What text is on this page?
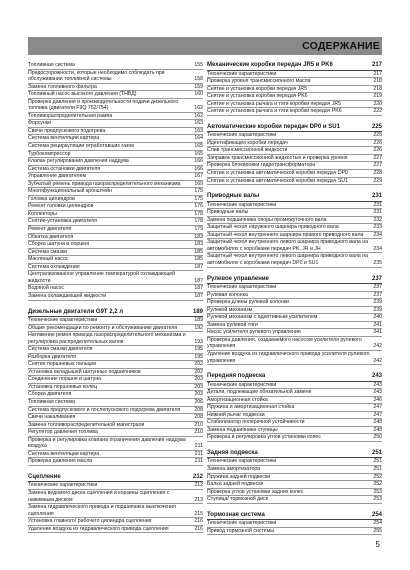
СОДЕРЖАНИЕ
Топливная система	155
Предосторожности, которые необходимо соблюдать при обслуживании топливной системы	158
Замена топливного фильтра	159
Топливный насос высокого давления (ТНВД)	160
Проверка давления и производительности подачи дизельного топлива (двигатели F9Q 752/754)	162
Топливораспределительная рампа	162
Форсунки	163
Свечи предпускового подогрева	163
Система вентиляции картера	164
Система рециркуляции отработавших газов	165
Турбокомпрессор	165
Клапан регулирования давления наддува	166
Система остановки двигателя	166
Управление двигателем	167
Зубчатый ремень привода газораспределительного механизма	169
Многофункциональный кронштейн	175
Головка цилиндров	175
Ремонт головки цилиндров	176
Коллекторы	178
Снятие-установка двигателя	178
Ремонт двигателя	179
Обкатка двигателя	183
Сборка шатуна и поршня	183
Система смазки	185
Масляный насос	185
Система охлаждения	187
Централизованное управление температурой охлаждающей жидкости	187
Водяной насос	187
Замена охлаждающей жидкости	187
Дизельные двигатели G9T 2,2 л	189
Технические характеристики	189
Общие рекомендации по ремонту и обслуживанию двигателя	192
Натяжение ремня привода газораспределительного механизма и регулировка распределительных валов	193
Система смазки двигателя	195
Разборка двигателя	195
Снятие поршневых пальцев	202
Установка вкладышей шатунных подшипников	202
Соединение поршня и шатуна	203
Установка поршневых колец	203
Сборка двигателя	203
Топливная система	206
Система предпускового и послепускового подогрева двигателя	208
Свечи накаливания	208
Замена топливораспределительной магистрали	210
Регулятор давления топлива	210
Проверка и регулировка клапана ограничения давления наддува воздуха	211
Система вентиляции картера	211
Проверка давления масла	211
Сцепление	212
Технические характеристики	212
Замена ведомого диска сцепления и корзины сцепления с нажимным диском	213
Замена гидравлического привода и подшипника выключения сцепления	215
Установка главного/ рабочего цилиндра сцепления	216
Удаление воздуха из гидравлического привода сцепления	216
Механические коробки передач JR5 и PK6	217
Технические характеристики	217
Проверка уровня трансмиссионного масла	218
Снятие и установка коробки передач JR5	218
Снятие и установка коробки передач PK6	219
Снятие и установка рычага и тяги коробки передач JR5	220
Снятие и установка рычага и тяги коробки передач PK6	222
Автоматические коробки передач DP0 и SU1	225
Технические характеристики	225
Идентификация коробки передач	226
Слив трансмиссионной жидкости	226
Заправка трансмиссионной жидкостью и проверка уровня	227
Проверка блокировки гидротрансформатора	227
Снятие и установка автоматической коробки передач DP0	228
Снятие и установка автоматической коробки передач SU1	229
Приводные валы	231
Технические характеристики	231
Приводные валы	231
Замена подшипника опоры промежуточного вала	232
Защитный чехол наружного шарнира приводного вала	233
Защитный чехол внутреннего шарнира правого приводного вала	234
Защитный чехол внутреннего левого шарнира приводного вала на автомобилях с коробками передач PK, JR и JH	234
Защитный чехол внутреннего левого шарнира приводного вала на автомобилях с коробками передач DP0 и SU1	235
Рулевое управление	237
Технические характеристики	237
Рулевая колонка	237
Проверка длины рулевой колонки	239
Рулевой механизм	239
Рулевой механизм с адаптивным усилителем	240
Замена рулевой тяги	241
Насос усилителя рулевого управления	241
Проверка давления, создаваемого насосом усилителя рулевого управления	242
Удаление воздуха из гидравлического привода усилителя рулевого управления	242
Передняя подвеска	243
Технические характеристики	243
Детали, подлежащие обязательной замене	243
Амортизационная стойка	246
Пружина и амортизационная стойка	247
Нижний рычаг подвески	247
Стабилизатор поперечной устойчивости	248
Замена подшипника ступицы	248
Проверка и регулировка углов установки колес	250
Задняя подвеска	251
Технические характеристики	251
Замена амортизатора	251
Пружина задней подвески	252
Балка задней подвески	252
Проверка углов установки задних колес	253
Ступица/ тормозной диск	253
Тормозная система	254
Технические характеристики	254
Привод тормозной системы	255
5
